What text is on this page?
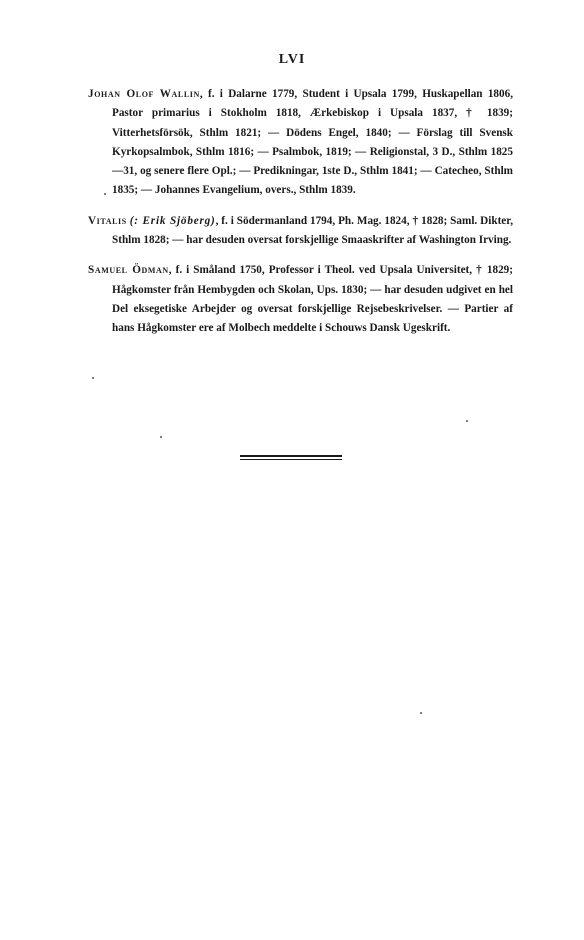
LVI

Johan Olof Wallin, f. i Dalarne 1779, Student i Upsala 1799, Huskapellan 1806, Pastor primarius i Stokholm 1818, Ærkebiskop i Upsala 1837, † 1839; Vitterhetsförsök, Sthlm 1821; — Dödens Engel, 1840; — Förslag till Svensk Kyrkopsalmbok, Sthlm 1816; — Psalmbok, 1819; — Religionstal, 3 D., Sthlm 1825—31, og senere flere Opl.; — Predikningar, 1ste D., Sthlm 1841; — Catecheo, Sthlm 1835; — Johannes Evangelium, overs., Sthlm 1839.

Vitalis (: Erik Sjöberg), f. i Södermanland 1794, Ph. Mag. 1824, † 1828; Saml. Dikter, Sthlm 1828; — har desuden oversat forskjellige Smaaskrifter af Washington Irving.

Samuel Ödman, f. i Småland 1750, Professor i Theol. ved Upsala Universitet, † 1829; Hågkomster från Hembygden och Skolan, Ups. 1830; — har desuden udgivet en hel Del eksegetiske Arbejder og oversat forskjellige Rejsebeskrivelser. — Partier af hans Hågkomster ere af Molbech meddelte i Schouws Dansk Ugeskrift.
